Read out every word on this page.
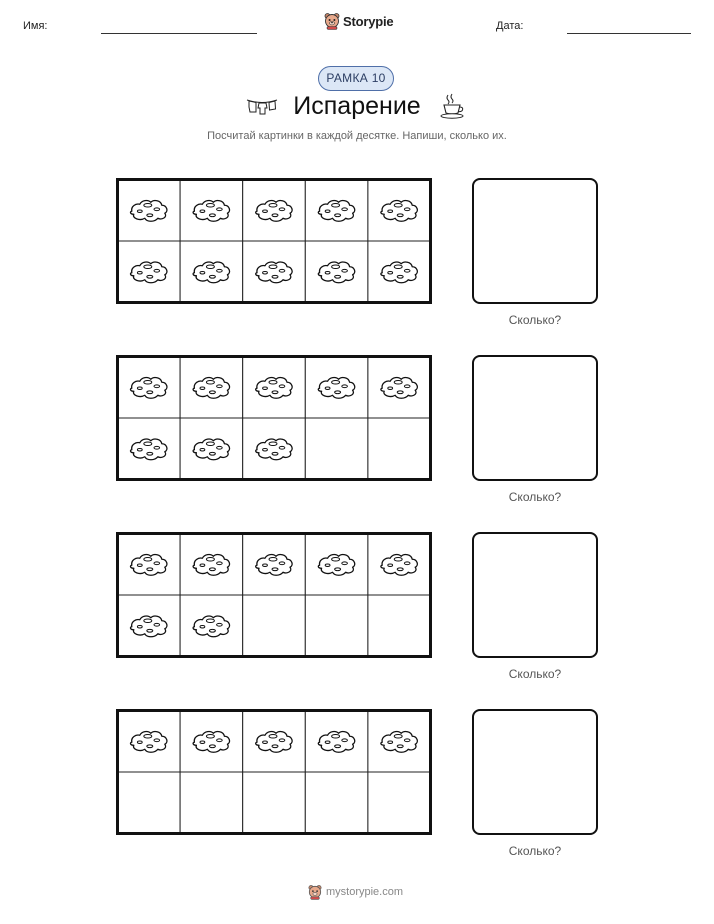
Имя:	Storypie	Дата:
РАМКА 10
Испарение
Посчитай картинки в каждой десятке. Напиши, сколько их.
Сколько?
Сколько?
Сколько?
Сколько?
mystorypie.com
